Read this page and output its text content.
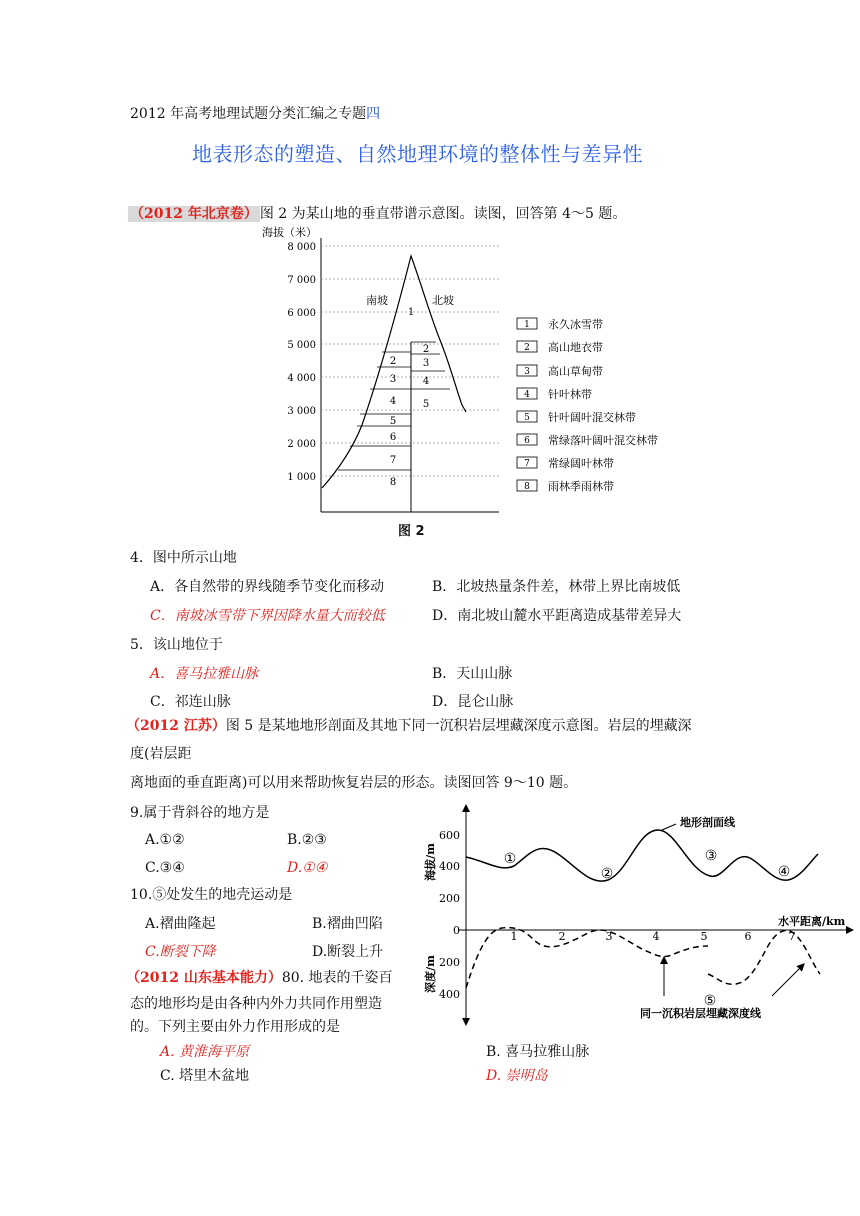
2012 年高考地理试题分类汇编之专题四
地表形态的塑造、自然地理环境的整体性与差异性
（2012 年北京卷） 图 2 为某山地的垂直带谱示意图。读图，回答第 4～5 题。
海拔（米）
8 000
7 000
6 000
5 000
4 000
3 000
2 000
1 000
南坡	北坡
1
2
3
4
5
6
7
8
2
3
4
5
1 永久冰雪带
2 高山地衣带
3 高山草甸带
4 针叶林带
5 针叶阔叶混交林带
6 常绿落叶阔叶混交林带
7 常绿阔叶林带
8 雨林季雨林带
图 2
4．图中所示山地
A．各自然带的界线随季节变化而移动	B．北坡热量条件差，林带上界比南坡低
C．南坡冰雪带下界因降水量大而较低	D．南北坡山麓水平距离造成基带差异大
5．该山地位于
A．喜马拉雅山脉	B．天山山脉
C．祁连山脉	D．昆仑山脉
（2012 江苏）图 5 是某地地形剖面及其地下同一沉积岩层埋藏深度示意图。岩层的埋藏深
度(岩层距
离地面的垂直距离)可以用来帮助恢复岩层的形态。读图回答 9～10 题。
9.属于背斜谷的地方是
A.①②	B.②③
C.③④	D.①④
10.⑤处发生的地壳运动是
A.褶曲隆起	B.褶曲凹陷
C.断裂下降	D.断裂上升
（2012 山东基本能力）80. 地表的千姿百
态的地形均是由各种内外力共同作用塑造
的。下列主要由外力作用形成的是
A. 黄淮海平原	B. 喜马拉雅山脉
C. 塔里木盆地	D. 崇明岛
海拔/m
深度/m
600
400
200
0
200
400
1	2	3	4	5	6	7
水平距离/km
①
②
③
④
⑤
地形剖面线
同一沉积岩层埋藏深度线
